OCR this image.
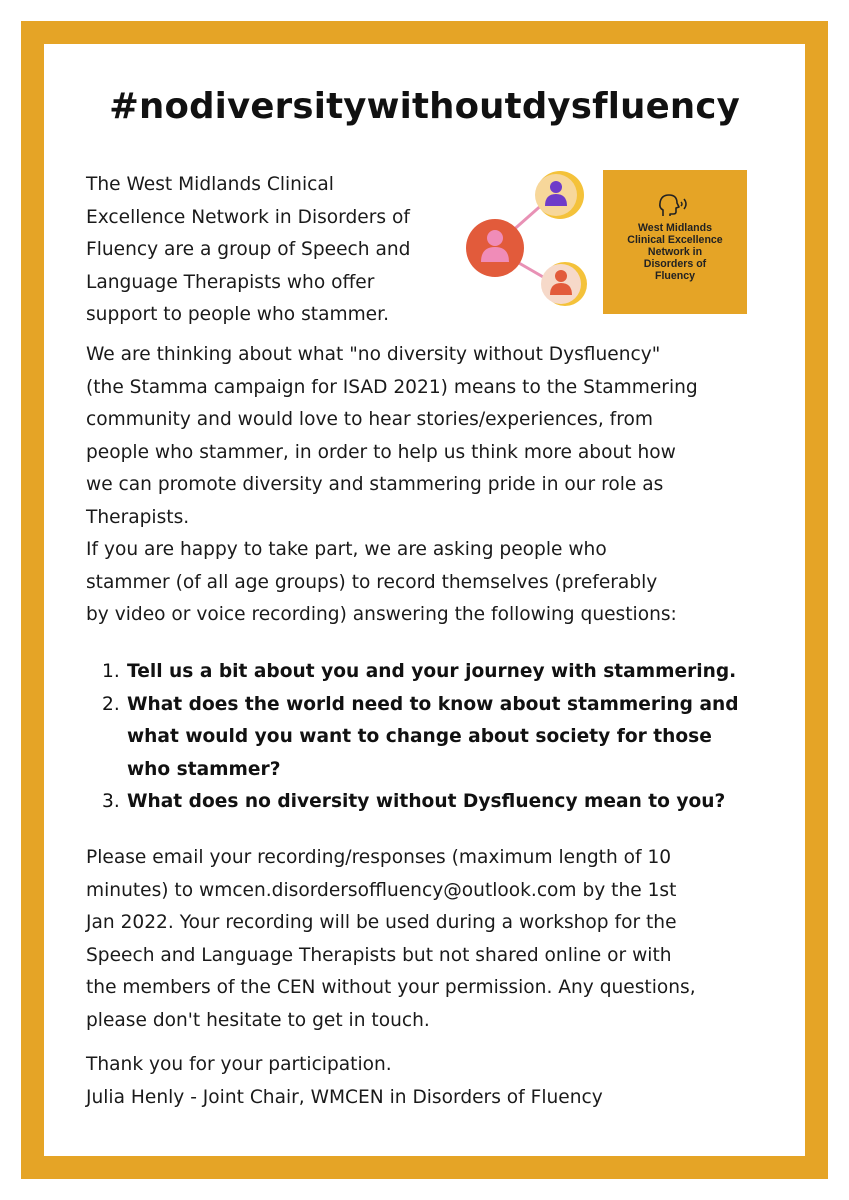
#nodiversitywithoutdysfluency

The West Midlands Clinical
Excellence Network in Disorders of
Fluency are a group of Speech and
Language Therapists who offer
support to people who stammer.

West Midlands
Clinical Excellence
Network in
Disorders of
Fluency

We are thinking about what "no diversity without Dysfluency"
(the Stamma campaign for ISAD 2021) means to the Stammering
community and would love to hear stories/experiences, from
people who stammer, in order to help us think more about how
we can promote diversity and stammering pride in our role as
Therapists.

If you are happy to take part, we are asking people who
stammer (of all age groups) to record themselves (preferably
by video or voice recording) answering the following questions:

1. Tell us a bit about you and your journey with stammering.
2. What does the world need to know about stammering and
what would you want to change about society for those
who stammer?
3. What does no diversity without Dysfluency mean to you?

Please email your recording/responses (maximum length of 10
minutes) to wmcen.disordersoffluency@outlook.com by the 1st
Jan 2022. Your recording will be used during a workshop for the
Speech and Language Therapists but not shared online or with
the members of the CEN without your permission. Any questions,
please don't hesitate to get in touch.

Thank you for your participation.
Julia Henly - Joint Chair, WMCEN in Disorders of Fluency
